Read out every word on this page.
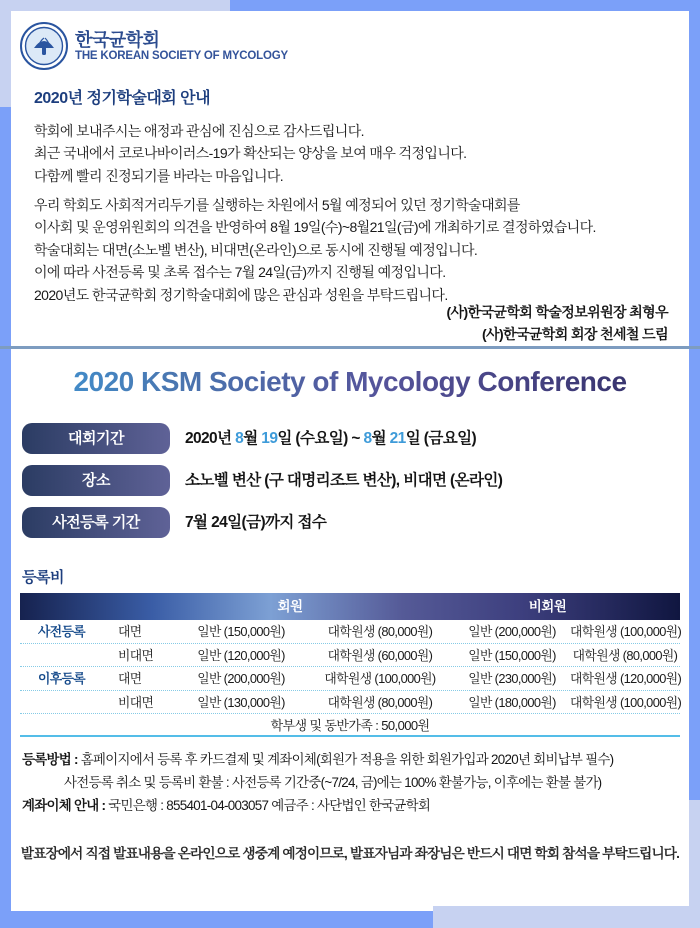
한국균학회
THE KOREAN SOCIETY OF MYCOLOGY
2020년 정기학술대회 안내
학회에 보내주시는 애정과 관심에 진심으로 감사드립니다.
최근 국내에서 코로나바이러스-19가 확산되는 양상을 보여 매우 걱정입니다.
다함께 빨리 진정되기를 바라는 마음입니다.
우리 학회도 사회적거리두기를 실행하는 차원에서 5월 예정되어 있던 정기학술대회를
이사회 및 운영위원회의 의견을 반영하여 8월 19일(수)~8월21일(금)에 개최하기로 결정하였습니다.
학술대회는 대면(소노벨 변산), 비대면(온라인)으로 동시에 진행될 예정입니다.
이에 따라 사전등록 및 초록 접수는 7월 24일(금)까지 진행될 예정입니다.
2020년도 한국균학회 정기학술대회에 많은 관심과 성원을 부탁드립니다.
(사)한국균학회 학술정보위원장 최형우
(사)한국균학회 회장 천세철 드림
2020 KSM Society of Mycology Conference
대회기간	2020년 8월 19일 (수요일) ~ 8월 21일 (금요일)
장소	소노벨 변산 (구 대명리조트 변산), 비대면 (온라인)
사전등록 기간	7월 24일(금)까지 접수
등록비
회원	비회원
사전등록	대면	일반 (150,000원)	대학원생 (80,000원)	일반 (200,000원)	대학원생 (100,000원)
비대면	일반 (120,000원)	대학원생 (60,000원)	일반 (150,000원)	대학원생 (80,000원)
이후등록	대면	일반 (200,000원)	대학원생 (100,000원)	일반 (230,000원)	대학원생 (120,000원)
비대면	일반 (130,000원)	대학원생 (80,000원)	일반 (180,000원)	대학원생 (100,000원)
학부생 및 동반가족 : 50,000원
등록방법 : 홈페이지에서 등록 후 카드결제 및 계좌이체(회원가 적용을 위한 회원가입과 2020년 회비납부 필수)
사전등록 취소 및 등록비 환불 : 사전등록 기간중(~7/24, 금)에는 100% 환불가능, 이후에는 환불 불가)
계좌이체 안내 : 국민은행 : 855401-04-003057 예금주 : 사단법인 한국균학회
발표장에서 직접 발표내용을 온라인으로 생중계 예정이므로, 발표자님과 좌장님은 반드시 대면 학회 참석을 부탁드립니다.
